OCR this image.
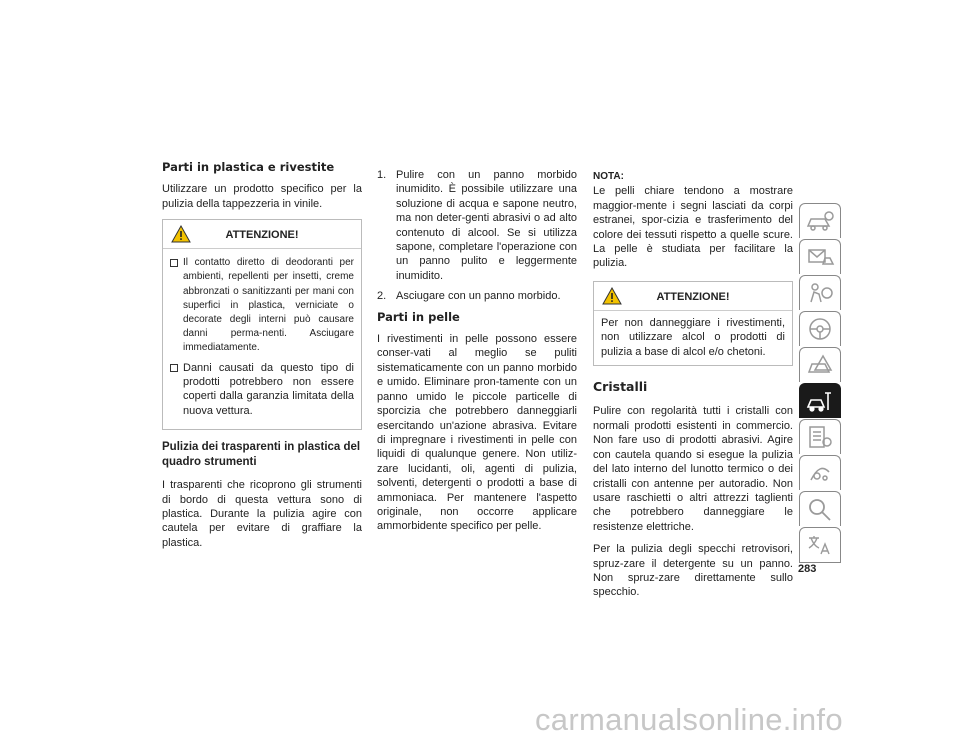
Parti in plastica e rivestite

Utilizzare un prodotto specifico per la pulizia della tappezzeria in vinile.

ATTENZIONE!
Il contatto diretto di deodoranti per ambienti, repellenti per insetti, creme abbronzati o sanitizzanti per mani con superfici in plastica, verniciate o decorate degli interni può causare danni perma-nenti. Asciugare immediatamente.
Danni causati da questo tipo di prodotti potrebbero non essere coperti dalla garanzia limitata della nuova vettura.
Pulizia dei trasparenti in plastica del quadro strumenti

I trasparenti che ricoprono gli strumenti di bordo di questa vettura sono di plastica. Durante la pulizia agire con cautela per evitare di graffiare la plastica.

1. Pulire con un panno morbido inumidito. È possibile utilizzare una soluzione di acqua e sapone neutro, ma non deter-genti abrasivi o ad alto contenuto di alcool. Se si utilizza sapone, completare l'operazione con un panno pulito e leggermente inumidito.
2. Asciugare con un panno morbido.
Parti in pelle

I rivestimenti in pelle possono essere conser-vati al meglio se puliti sistematicamente con un panno morbido e umido. Eliminare pron-tamente con un panno umido le piccole particelle di sporcizia che potrebbero danneggiarli esercitando un'azione abrasiva. Evitare di impregnare i rivestimenti in pelle con liquidi di qualunque genere. Non utiliz-zare lucidanti, oli, agenti di pulizia, solventi, detergenti o prodotti a base di ammoniaca. Per mantenere l'aspetto originale, non occorre applicare ammorbidente specifico per pelle.

NOTA:

Le pelli chiare tendono a mostrare maggior-mente i segni lasciati da corpi estranei, spor-cizia e trasferimento del colore dei tessuti rispetto a quelle scure. La pelle è studiata per facilitare la pulizia.

ATTENZIONE!

Per non danneggiare i rivestimenti, non utilizzare alcol o prodotti di pulizia a base di alcol e/o chetoni.

Cristalli

Pulire con regolarità tutti i cristalli con normali prodotti esistenti in commercio. Non fare uso di prodotti abrasivi. Agire con cautela quando si esegue la pulizia del lato interno del lunotto termico o dei cristalli con antenne per autoradio. Non usare raschietti o altri attrezzi taglienti che potrebbero danneggiare le resistenze elettriche.

Per la pulizia degli specchi retrovisori, spruz-zare il detergente su un panno. Non spruz-zare direttamente sullo specchio.

283
carmanualsonline.info
